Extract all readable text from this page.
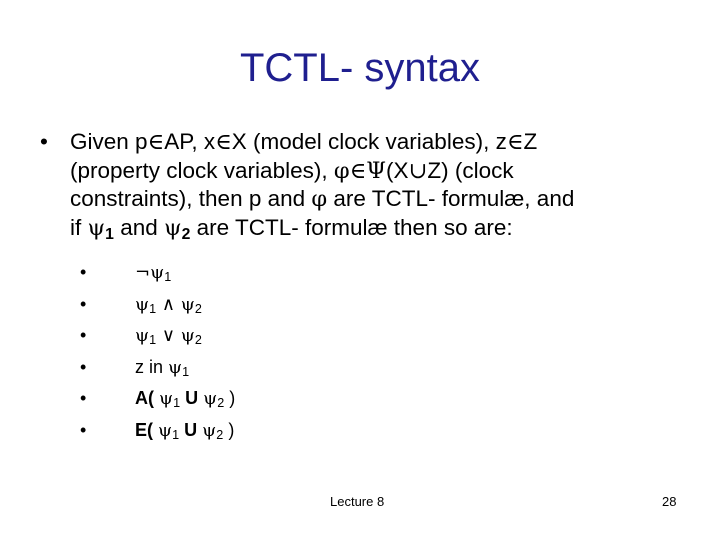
TCTL- syntax
• Given p∈AP, x∈X (model clock variables), z∈Z
(property clock variables), φ∈Ψ(X∪Z) (clock
constraints), then p and φ are TCTL- formulæ, and
if $\psi_1$ and $\psi_2$ are TCTL- formulæ then so are:
•	$\neg\psi_1$
•	$\psi_1$ ∧ $\psi_2$
•	$\psi_1$ ∨ $\psi_2$
•	z in $\psi_1$
•	A( $\psi_1$ U $\psi_2$ )
•	E( $\psi_1$ U $\psi_2$ )
Lecture 8	28
